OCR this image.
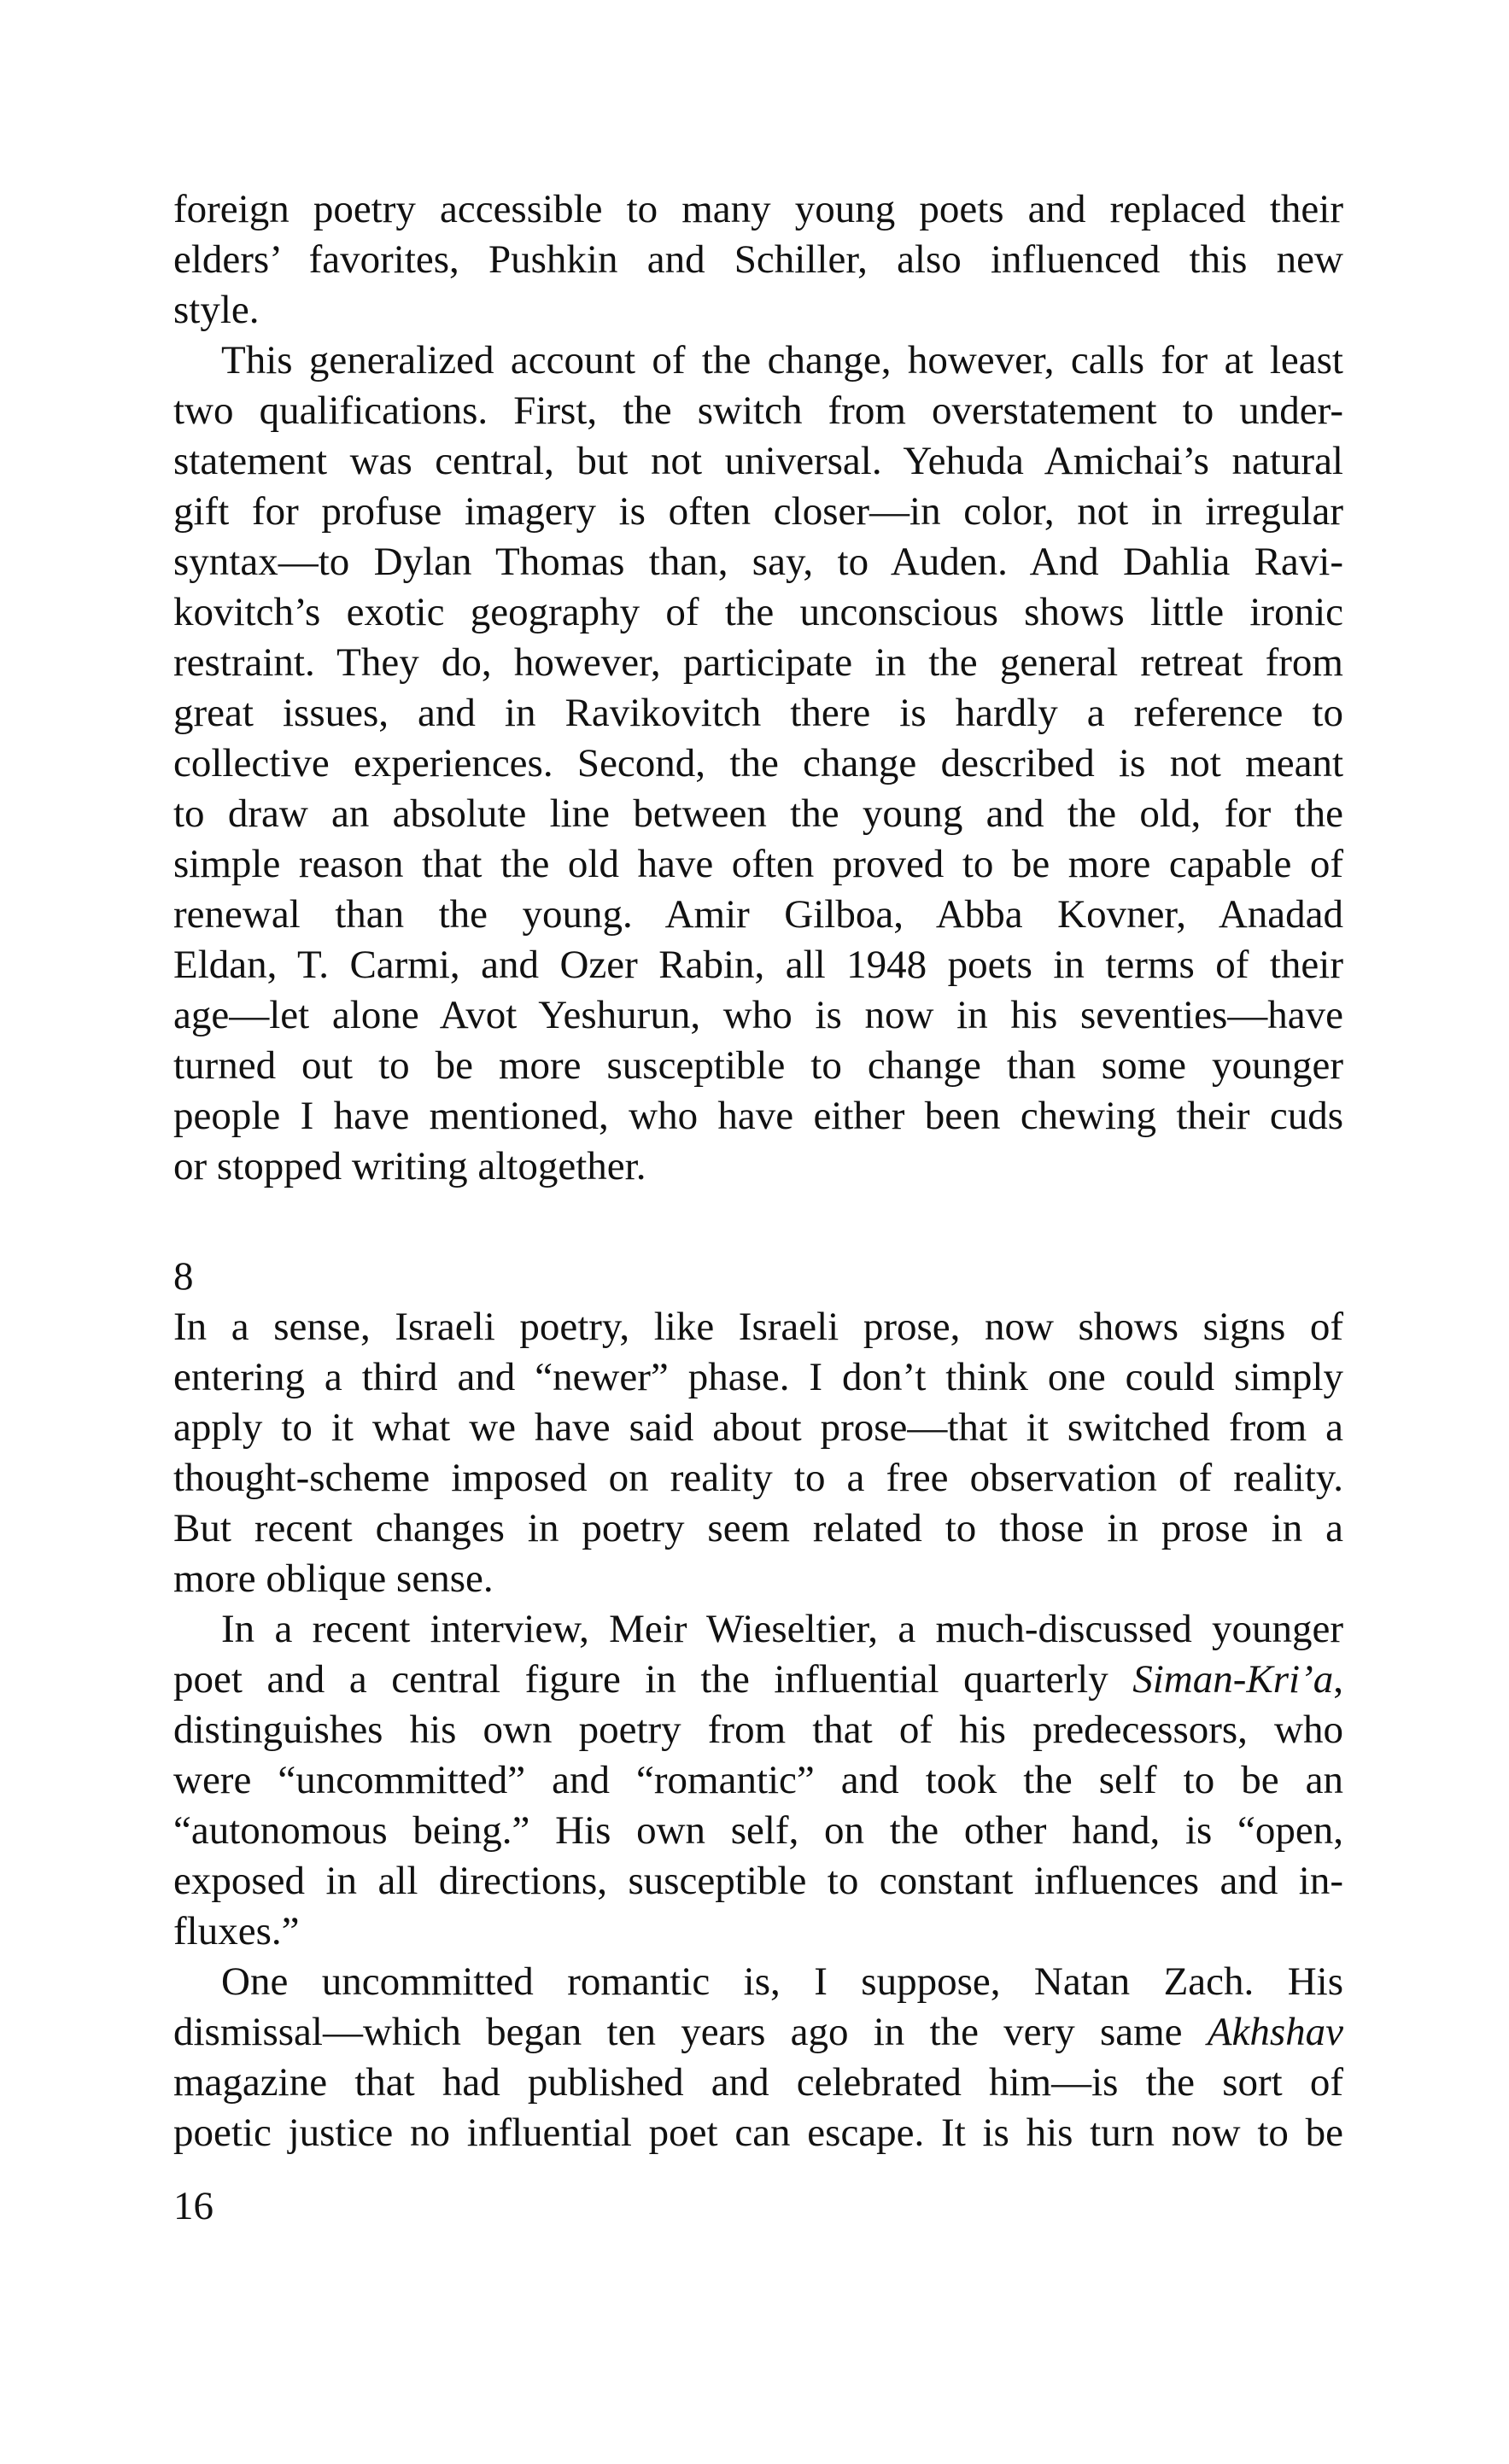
foreign poetry accessible to many young poets and replaced their
elders’ favorites, Pushkin and Schiller, also influenced this new
style.
This generalized account of the change, however, calls for at least
two qualifications. First, the switch from overstatement to under-
statement was central, but not universal. Yehuda Amichai’s natural
gift for profuse imagery is often closer—in color, not in irregular
syntax—to Dylan Thomas than, say, to Auden. And Dahlia Ravi-
kovitch’s exotic geography of the unconscious shows little ironic
restraint. They do, however, participate in the general retreat from
great issues, and in Ravikovitch there is hardly a reference to
collective experiences. Second, the change described is not meant
to draw an absolute line between the young and the old, for the
simple reason that the old have often proved to be more capable of
renewal than the young. Amir Gilboa, Abba Kovner, Anadad
Eldan, T. Carmi, and Ozer Rabin, all 1948 poets in terms of their
age—let alone Avot Yeshurun, who is now in his seventies—have
turned out to be more susceptible to change than some younger
people I have mentioned, who have either been chewing their cuds
or stopped writing altogether.
8
In a sense, Israeli poetry, like Israeli prose, now shows signs of
entering a third and “newer” phase. I don’t think one could simply
apply to it what we have said about prose—that it switched from a
thought-scheme imposed on reality to a free observation of reality.
But recent changes in poetry seem related to those in prose in a
more oblique sense.
In a recent interview, Meir Wieseltier, a much-discussed younger
poet and a central figure in the influential quarterly Siman-Kri’a,
distinguishes his own poetry from that of his predecessors, who
were “uncommitted” and “romantic” and took the self to be an
“autonomous being.” His own self, on the other hand, is “open,
exposed in all directions, susceptible to constant influences and in-
fluxes.”
One uncommitted romantic is, I suppose, Natan Zach. His
dismissal—which began ten years ago in the very same Akhshav
magazine that had published and celebrated him—is the sort of
poetic justice no influential poet can escape. It is his turn now to be
16
